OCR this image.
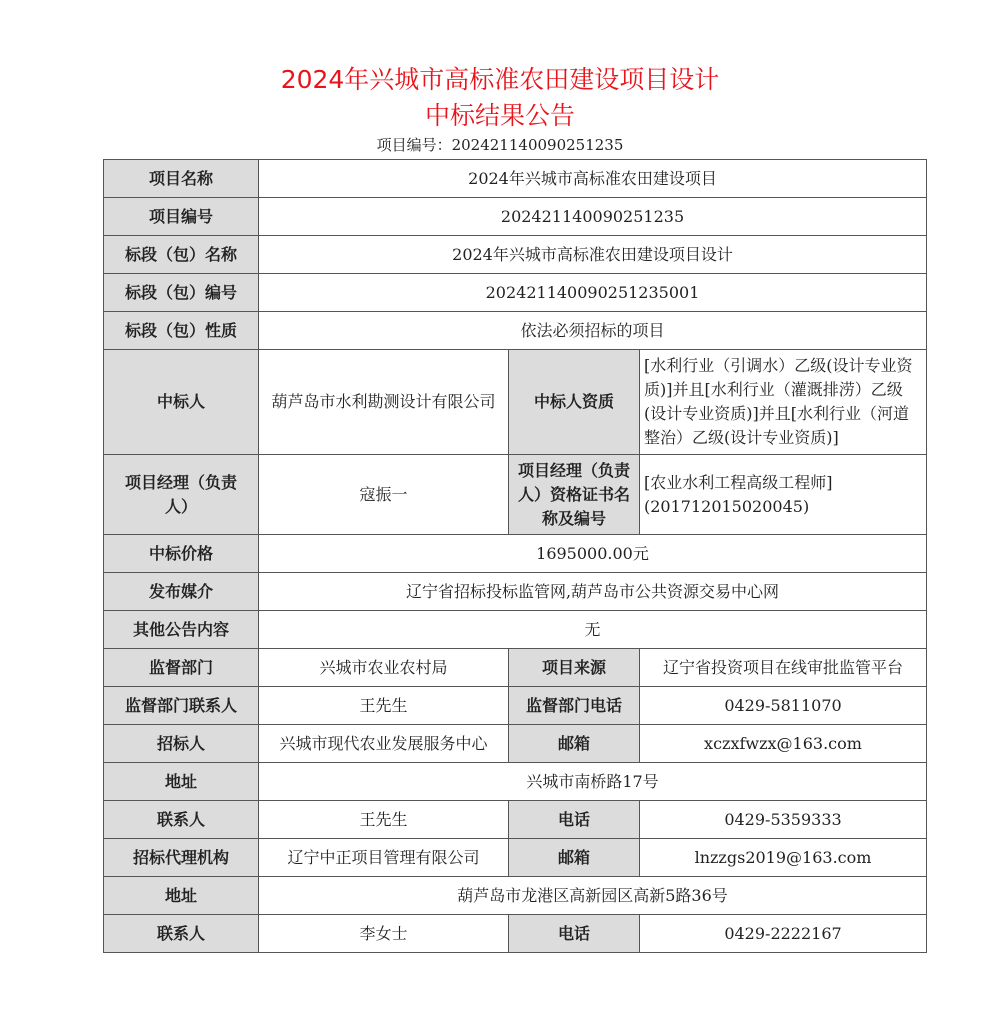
2024年兴城市高标准农田建设项目设计
中标结果公告
项目编号：202421140090251235
项目名称	2024年兴城市高标准农田建设项目		
项目编号	202421140090251235		
标段（包）名称	2024年兴城市高标准农田建设项目设计		
标段（包）编号	202421140090251235001		
标段（包）性质	依法必须招标的项目		
中标人	葫芦岛市水利勘测设计有限公司	中标人资质	[水利行业（引调水）乙级(设计专业资质)]并且[水利行业（灌溉排涝）乙级(设计专业资质)]并且[水利行业（河道整治）乙级(设计专业资质)]
项目经理（负责人）	寇振一	项目经理（负责人）资格证书名称及编号	[农业水利工程高级工程师](201712015020045)
中标价格	1695000.00元		
发布媒介	辽宁省招标投标监管网,葫芦岛市公共资源交易中心网		
其他公告内容	无		
监督部门	兴城市农业农村局	项目来源	辽宁省投资项目在线审批监管平台
监督部门联系人	王先生	监督部门电话	0429-5811070
招标人	兴城市现代农业发展服务中心	邮箱	xczxfwzx@163.com
地址	兴城市南桥路17号		
联系人	王先生	电话	0429-5359333
招标代理机构	辽宁中正项目管理有限公司	邮箱	lnzzgs2019@163.com
地址	葫芦岛市龙港区高新园区高新5路36号		
联系人	李女士	电话	0429-2222167
